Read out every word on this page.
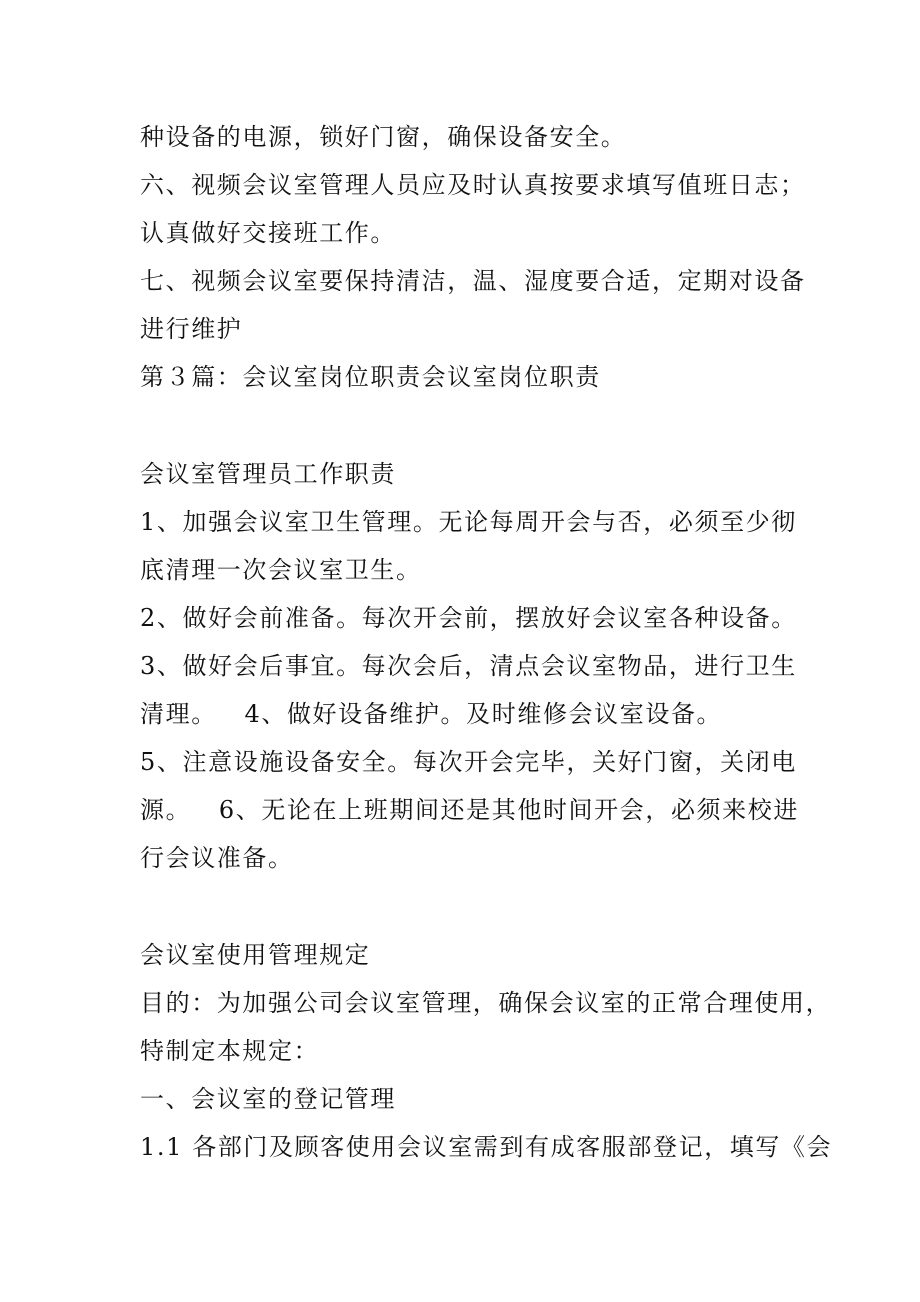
种设备的电源，锁好门窗，确保设备安全。
六、视频会议室管理人员应及时认真按要求填写值班日志；
认真做好交接班工作。
七、视频会议室要保持清洁，温、湿度要合适，定期对设备
进行维护
第３篇：会议室岗位职责会议室岗位职责
会议室管理员工作职责
1、加强会议室卫生管理。无论每周开会与否，必须至少彻
底清理一次会议室卫生。
2、做好会前准备。每次开会前，摆放好会议室各种设备。
3、做好会后事宜。每次会后，清点会议室物品，进行卫生
清理。   4、做好设备维护。及时维修会议室设备。
5、注意设施设备安全。每次开会完毕，关好门窗，关闭电
源。   6、无论在上班期间还是其他时间开会，必须来校进
行会议准备。
会议室使用管理规定
目的：为加强公司会议室管理，确保会议室的正常合理使用，
特制定本规定：
一、会议室的登记管理
1.1 各部门及顾客使用会议室需到有成客服部登记，填写《会
